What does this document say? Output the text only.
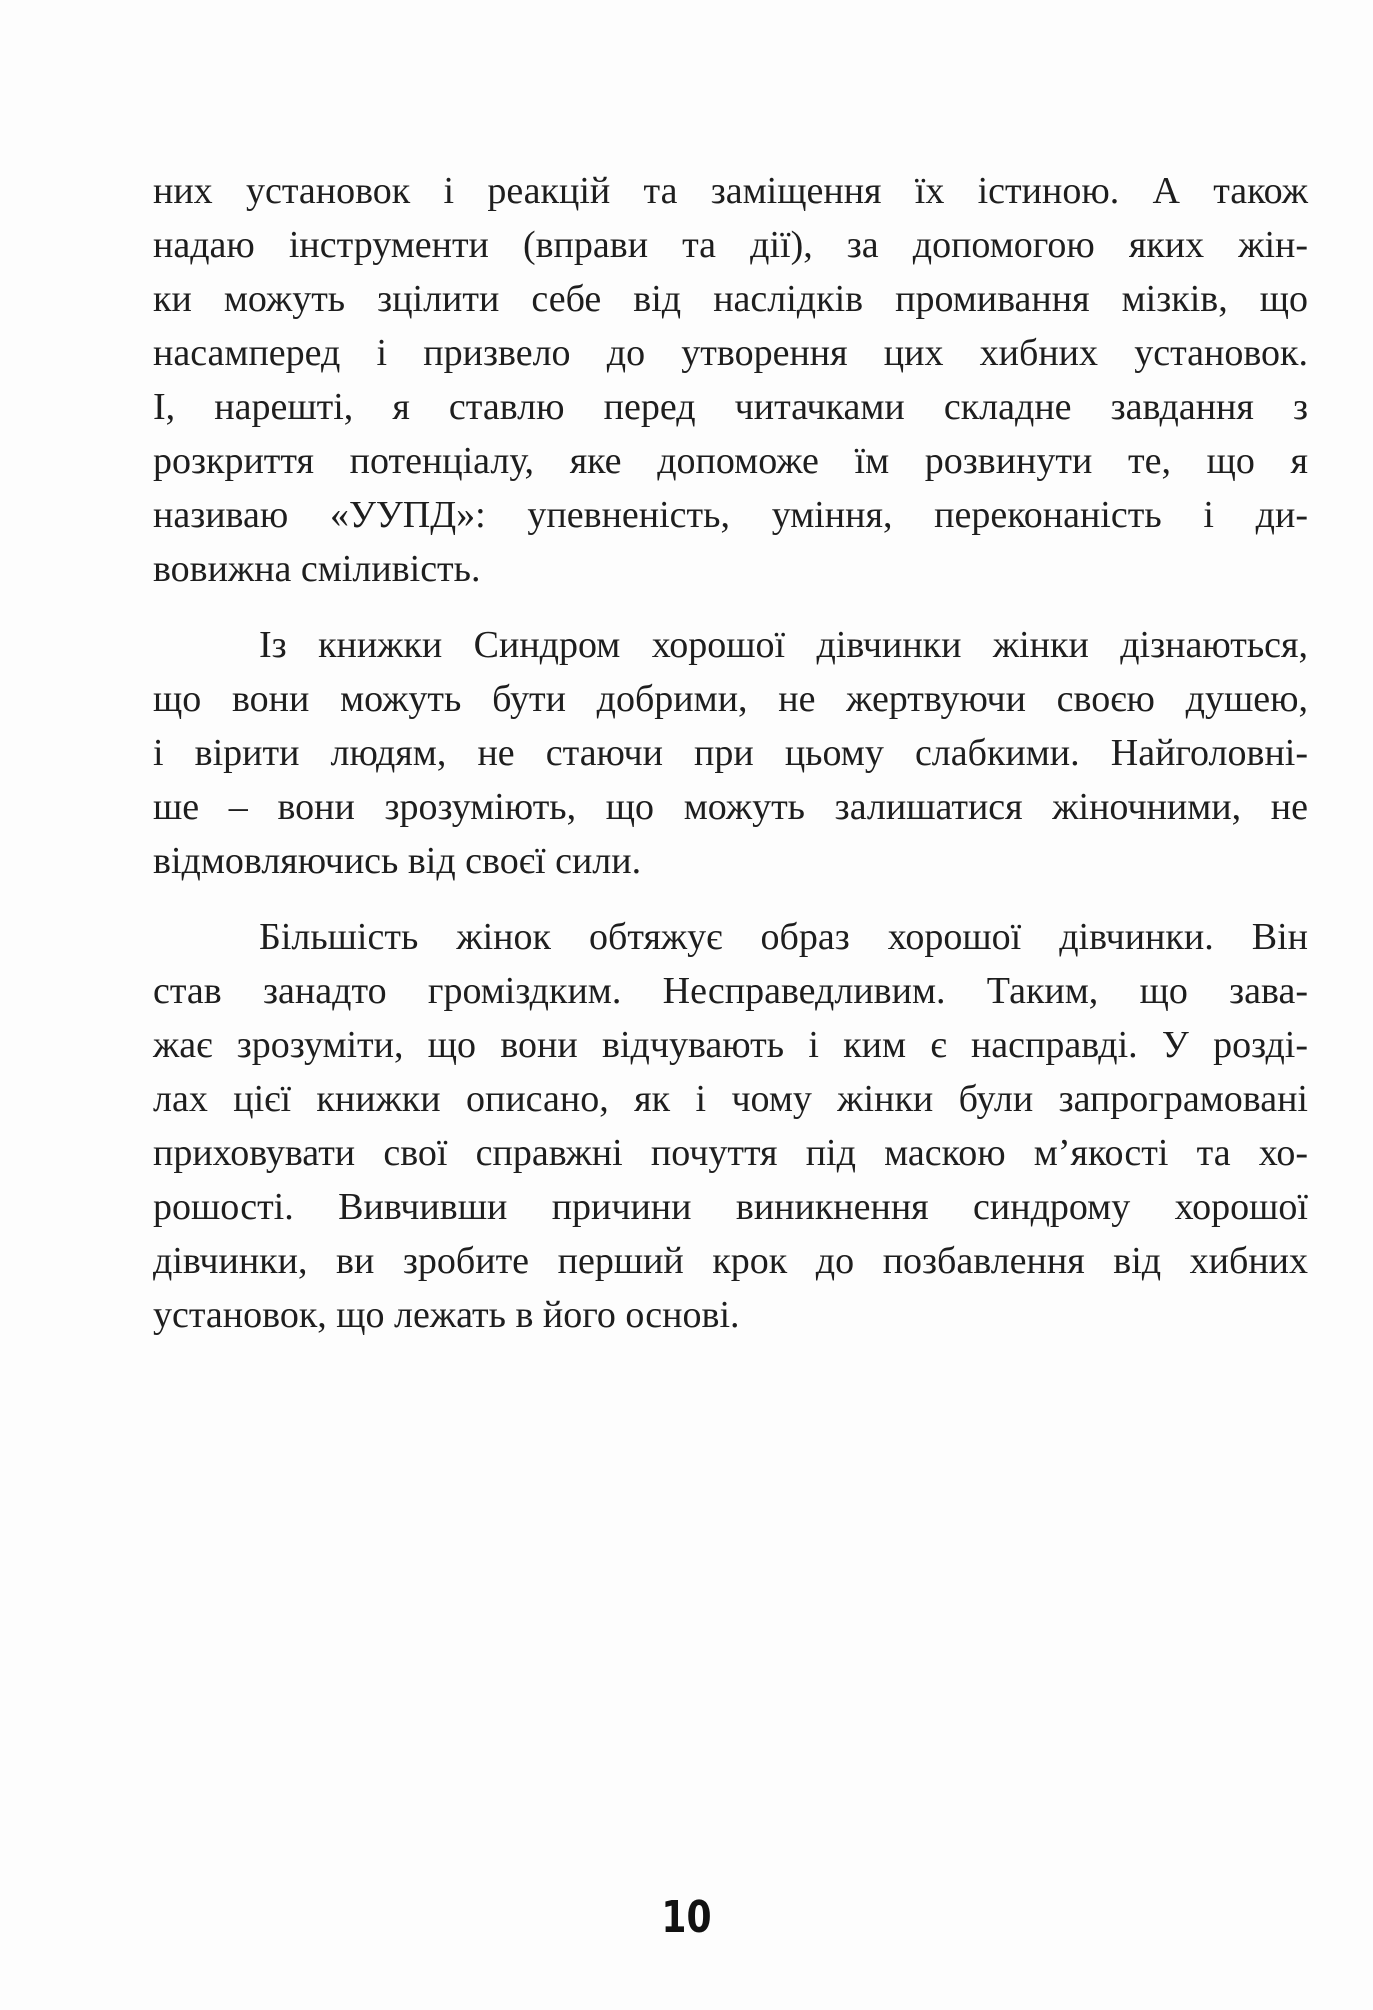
них установок і реакцій та заміщення їх істиною. А також
надаю інструменти (вправи та дії), за допомогою яких жін-
ки можуть зцілити себе від наслідків промивання мізків, що
насамперед і призвело до утворення цих хибних установок.
І, нарешті, я ставлю перед читачками складне завдання з
розкриття потенціалу, яке допоможе їм розвинути те, що я
називаю «УУПД»: упевненість, уміння, переконаність і ди-
вовижна сміливість.

Із книжки Синдром хорошої дівчинки жінки дізнаються,
що вони можуть бути добрими, не жертвуючи своєю душею,
і вірити людям, не стаючи при цьому слабкими. Найголовні-
ше – вони зрозуміють, що можуть залишатися жіночними, не
відмовляючись від своєї сили.

Більшість жінок обтяжує образ хорошої дівчинки. Він
став занадто громіздким. Несправедливим. Таким, що зава-
жає зрозуміти, що вони відчувають і ким є насправді. У розді-
лах цієї книжки описано, як і чому жінки були запрограмовані
приховувати свої справжні почуття під маскою м’якості та хо-
рошості. Вивчивши причини виникнення синдрому хорошої
дівчинки, ви зробите перший крок до позбавлення від хибних
установок, що лежать в його основі.

10
